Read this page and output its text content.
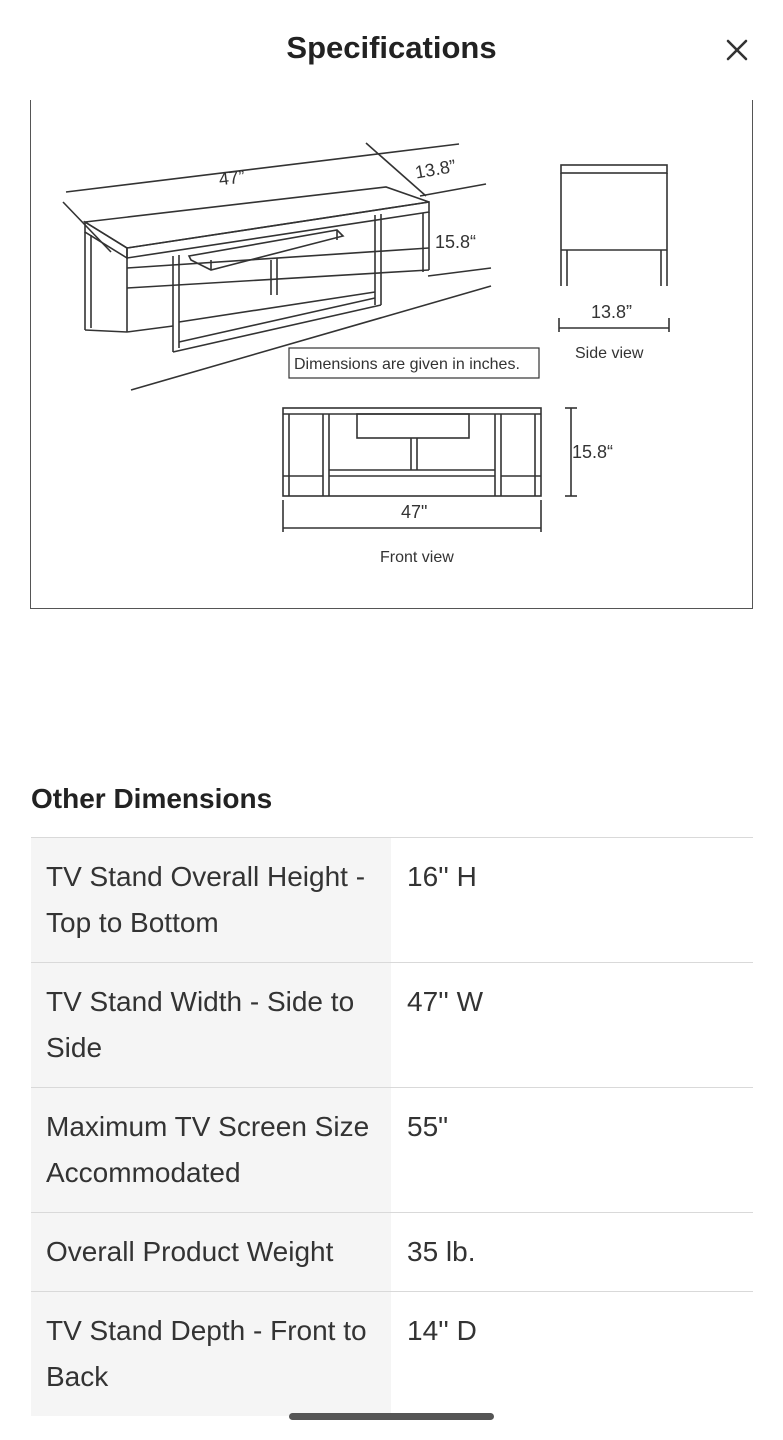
Specifications
47”	13.8”
15.8“
Dimensions are given in inches.
13.8”
Side view
15.8“
47"
Front view
Other Dimensions
TV Stand Overall Height - Top to Bottom	16'' H
TV Stand Width - Side to Side	47'' W
Maximum TV Screen Size Accommodated	55"
Overall Product Weight	35 lb.
TV Stand Depth - Front to Back	14'' D
